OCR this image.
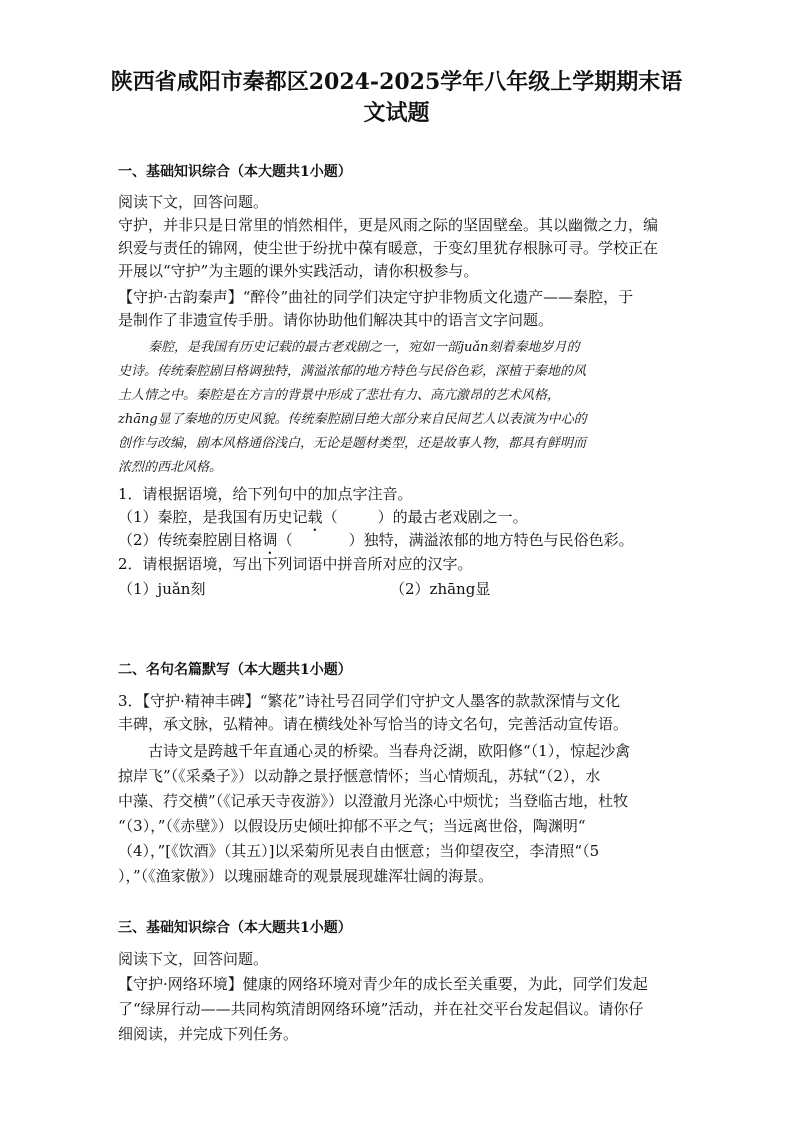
陕西省咸阳市秦都区2024-2025学年八年级上学期期末语
文试题
一、基础知识综合（本大题共1小题）
阅读下文，回答问题。
守护，并非只是日常里的悄然相伴，更是风雨之际的坚固壁垒。其以幽微之力，编
织爱与责任的锦网，使尘世于纷扰中葆有暖意，于变幻里犹存根脉可寻。学校正在
开展以“守护”为主题的课外实践活动，请你积极参与。
【守护·古韵秦声】“醉伶”曲社的同学们决定守护非物质文化遗产——秦腔，于
是制作了非遗宣传手册。请你协助他们解决其中的语言文字问题。
秦腔，是我国有历史记载的最古老戏剧之一，宛如一部juǎn刻着秦地岁月的
史诗。传统秦腔剧目格调独特，满溢浓郁的地方特色与民俗色彩，深植于秦地的风
土人情之中。秦腔是在方言的背景中形成了悲壮有力、高亢激昂的艺术风格，
zhāng显了秦地的历史风貌。传统秦腔剧目绝大部分来自民间艺人以表演为中心的
创作与改编，剧本风格通俗浅白，无论是题材类型，还是故事人物，都具有鲜明而
浓烈的西北风格。
1．请根据语境，给下列句中的加点字注音。
（1）秦腔，是我国有历史记载（	）的最古老戏剧之一。
（2）传统秦腔剧目格调（	）独特，满溢浓郁的地方特色与民俗色彩。
2．请根据语境，写出下列词语中拼音所对应的汉字。
（1）juǎn刻	（2）zhāng显
二、名句名篇默写（本大题共1小题）
3．【守护·精神丰碑】“繁花”诗社号召同学们守护文人墨客的款款深情与文化
丰碑，承文脉，弘精神。请在横线处补写恰当的诗文名句，完善活动宣传语。
古诗文是跨越千年直通心灵的桥梁。当春舟泛湖，欧阳修“（1），惊起沙禽
掠岸飞”（《采桑子》）以动静之景抒惬意情怀；当心情烦乱，苏轼“（2），水
中藻、荇交横”（《记承天寺夜游》）以澄澈月光涤心中烦忧；当登临古地，杜牧
“（3），”（《赤壁》）以假设历史倾吐抑郁不平之气；当远离世俗，陶渊明“
（4），”[《饮酒》（其五）]以采菊所见表自由惬意；当仰望夜空，李清照“（5
），”（《渔家傲》）以瑰丽雄奇的观景展现雄浑壮阔的海景。
三、基础知识综合（本大题共1小题）
阅读下文，回答问题。
【守护·网络环境】健康的网络环境对青少年的成长至关重要，为此，同学们发起
了“绿屏行动——共同构筑清朗网络环境”活动，并在社交平台发起倡议。请你仔
细阅读，并完成下列任务。
